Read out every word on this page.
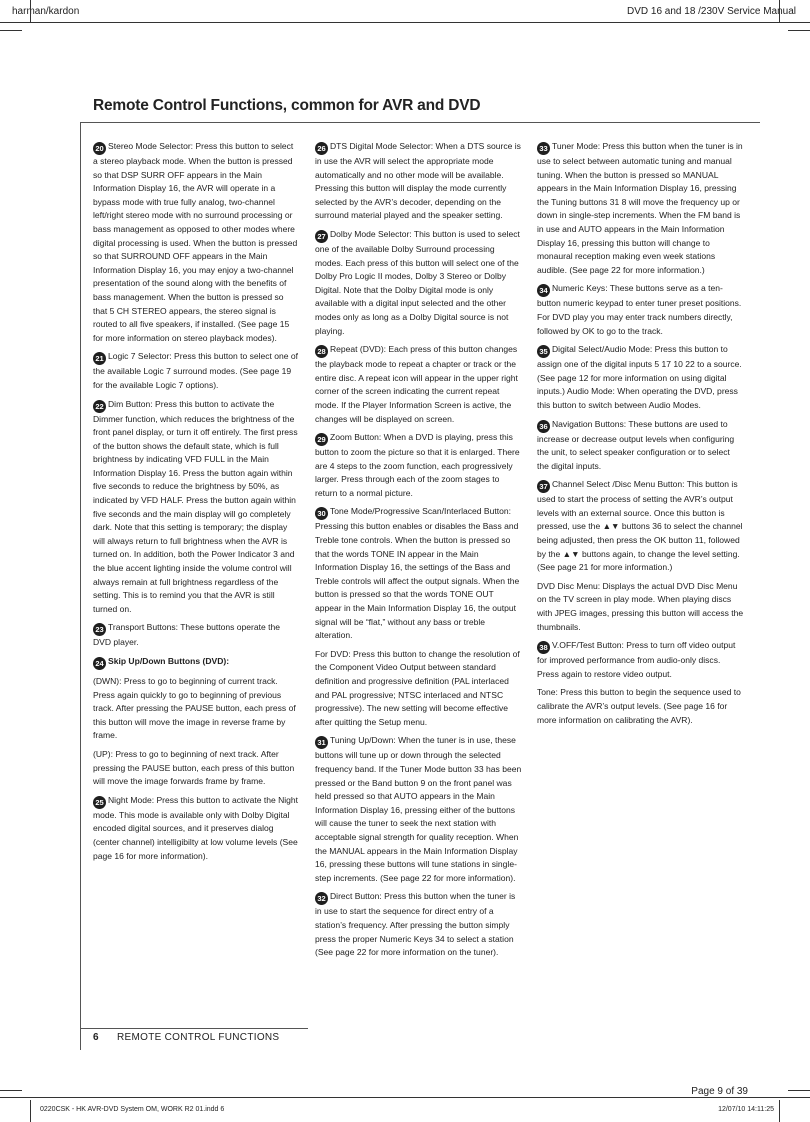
harman/kardon	DVD 16 and 18 /230V Service Manual
Remote Control Functions, common for AVR and DVD

20 Stereo Mode Selector: Press this button to select a stereo playback mode. When the button is pressed so that DSP SURR OFF appears in the Main Information Display 16, the AVR will operate in a bypass mode with true fully analog, two-channel left/right stereo mode with no surround processing or bass management as opposed to other modes where digital processing is used. When the button is pressed so that SURROUND OFF appears in the Main Information Display 16, you may enjoy a two-channel presentation of the sound along with the benefits of bass management. When the button is pressed so that 5 CH STEREO appears, the stereo signal is routed to all five speakers, if installed. (See page 15 for more information on stereo playback modes).

21 Logic 7 Selector: Press this button to select one of the available Logic 7 surround modes. (See page 19 for the available Logic 7 options).

22 Dim Button: Press this button to activate the Dimmer function, which reduces the brightness of the front panel display, or turn it off entirely. The first press of the button shows the default state, which is full brightness by indicating VFD FULL in the Main Information Display 16. Press the button again within five seconds to reduce the brightness by 50%, as indicated by VFD HALF. Press the button again within five seconds and the main display will go completely dark. Note that this setting is temporary; the display will always return to full brightness when the AVR is turned on. In addition, both the Power Indicator 3 and the blue accent lighting inside the volume control will always remain at full brightness regardless of the setting. This is to remind you that the AVR is still turned on.

23 Transport Buttons: These buttons operate the DVD player.

24 Skip Up/Down Buttons (DVD):

(DWN): Press to go to beginning of current track. Press again quickly to go to beginning of previous track. After pressing the PAUSE button, each press of this button will move the image in reverse frame by frame.

(UP): Press to go to beginning of next track. After pressing the PAUSE button, each press of this button will move the image forwards frame by frame.

25 Night Mode: Press this button to activate the Night mode. This mode is available only with Dolby Digital encoded digital sources, and it preserves dialog (center channel) intelligibilty at low volume levels (See page 16 for more information).

26 DTS Digital Mode Selector: When a DTS source is in use the AVR will select the appropriate mode automatically and no other mode will be available. Pressing this button will display the mode currently selected by the AVR’s decoder, depending on the surround material played and the speaker setting.

27 Dolby Mode Selector: This button is used to select one of the available Dolby Surround processing modes. Each press of this button will select one of the Dolby Pro Logic II modes, Dolby 3 Stereo or Dolby Digital. Note that the Dolby Digital mode is only available with a digital input selected and the other modes only as long as a Dolby Digital source is not playing.

28 Repeat (DVD): Each press of this button changes the playback mode to repeat a chapter or track or the entire disc. A repeat icon will appear in the upper right corner of the screen indicating the current repeat mode. If the Player Information Screen is active, the changes will be displayed on screen.

29 Zoom Button: When a DVD is playing, press this button to zoom the picture so that it is enlarged. There are 4 steps to the zoom function, each progressively larger. Press through each of the zoom stages to return to a normal picture.

30 Tone Mode/Progressive Scan/Interlaced Button: Pressing this button enables or disables the Bass and Treble tone controls. When the button is pressed so that the words TONE IN appear in the Main Information Display 16, the settings of the Bass and Treble controls will affect the output signals. When the button is pressed so that the words TONE OUT appear in the Main Information Display 16, the output signal will be “flat,” without any bass or treble alteration.

For DVD: Press this button to change the resolution of the Component Video Output between standard definition and progressive definition (PAL interlaced and PAL progressive; NTSC interlaced and NTSC progressive). The new setting will become effective after quitting the Setup menu.

31 Tuning Up/Down: When the tuner is in use, these buttons will tune up or down through the selected frequency band. If the Tuner Mode button 33 has been pressed or the Band button 9 on the front panel was held pressed so that AUTO appears in the Main Information Display 16, pressing either of the buttons will cause the tuner to seek the next station with acceptable signal strength for quality reception. When the MANUAL appears in the Main Information Display 16, pressing these buttons will tune stations in single-step increments. (See page 22 for more information).

32 Direct Button: Press this button when the tuner is in use to start the sequence for direct entry of a station’s frequency. After pressing the button simply press the proper Numeric Keys 34 to select a station (See page 22 for more information on the tuner).

33 Tuner Mode: Press this button when the tuner is in use to select between automatic tuning and manual tuning. When the button is pressed so MANUAL appears in the Main Information Display 16, pressing the Tuning buttons 31 8 will move the frequency up or down in single-step increments. When the FM band is in use and AUTO appears in the Main Information Display 16, pressing this button will change to monaural reception making even week stations audible. (See page 22 for more information.)

34 Numeric Keys: These buttons serve as a ten-button numeric keypad to enter tuner preset positions. For DVD play you may enter track numbers directly, followed by OK to go to the track.

35 Digital Select/Audio Mode: Press this button to assign one of the digital inputs 5 17 10 22 to a source. (See page 12 for more information on using digital inputs.) Audio Mode: When operating the DVD, press this button to switch between Audio Modes.

36 Navigation Buttons: These buttons are used to increase or decrease output levels when configuring the unit, to select speaker configuration or to select the digital inputs.

37 Channel Select /Disc Menu Button: This button is used to start the process of setting the AVR’s output levels with an external source. Once this button is pressed, use the ▲▼ buttons 36 to select the channel being adjusted, then press the OK button 11, followed by the ▲▼ buttons again, to change the level setting. (See page 21 for more information.)

DVD Disc Menu: Displays the actual DVD Disc Menu on the TV screen in play mode. When playing discs with JPEG images, pressing this button will access the thumbnails.

38 V.OFF/Test Button: Press to turn off video output for improved performance from audio-only discs. Press again to restore video output.

Tone: Press this button to begin the sequence used to calibrate the AVR’s output levels. (See page 16 for more information on calibrating the AVR).

6 REMOTE CONTROL FUNCTIONS
Page 9 of 39
0220CSK - HK AVR-DVD System OM, WORK R2 01.indd 6	12/07/10 14:11:25
